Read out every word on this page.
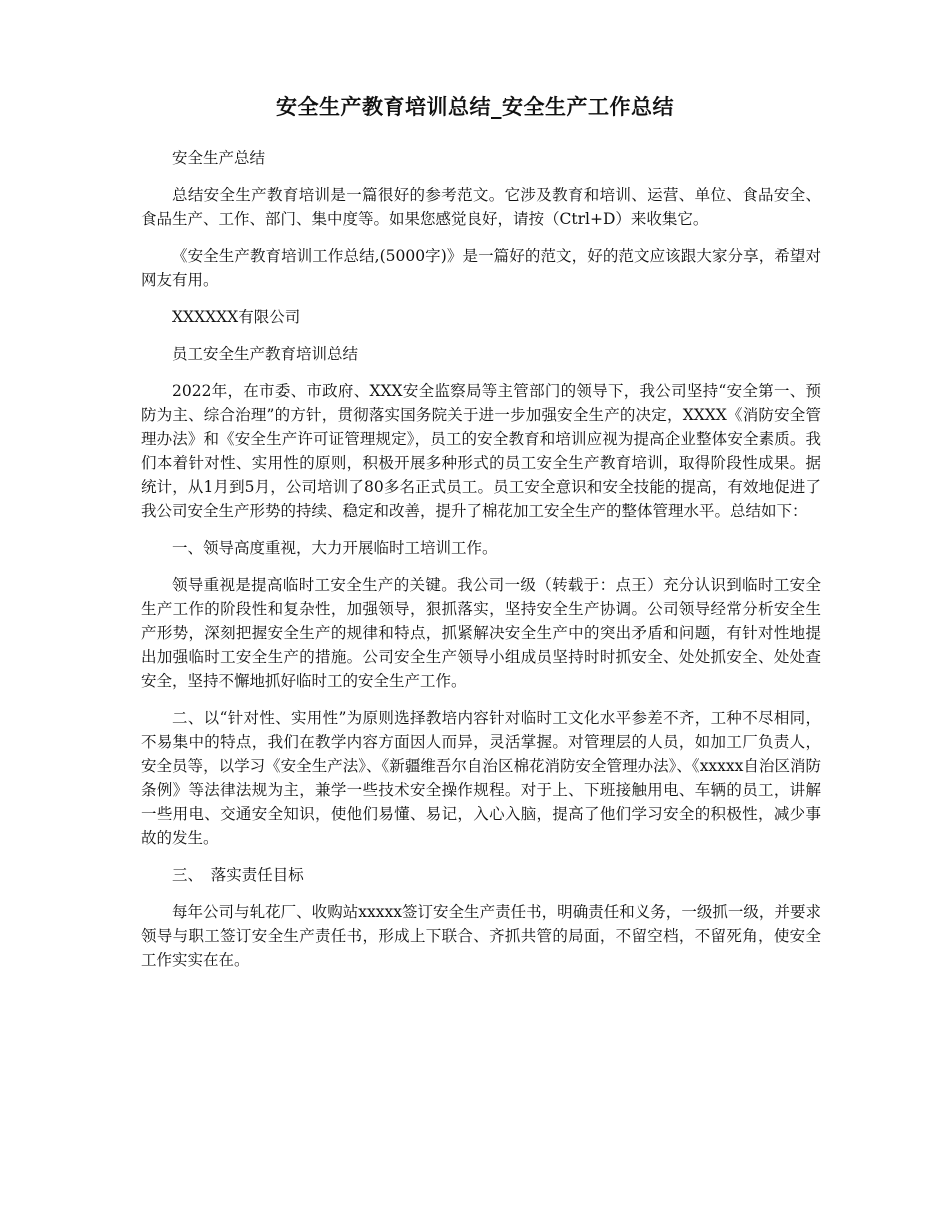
安全生产教育培训总结_安全生产工作总结

安全生产总结

总结安全生产教育培训是一篇很好的参考范文。它涉及教育和培训、运营、单位、食品安全、食品生产、工作、部门、集中度等。如果您感觉良好，请按（Ctrl+D）来收集它。

《安全生产教育培训工作总结,(5000字)》是一篇好的范文，好的范文应该跟大家分享，希望对网友有用。

XXXXXX有限公司

员工安全生产教育培训总结

2022年，在市委、市政府、XXX安全监察局等主管部门的领导下，我公司坚持“安全第一、预防为主、综合治理”的方针，贯彻落实国务院关于进一步加强安全生产的决定，XXXX《消防安全管理办法》和《安全生产许可证管理规定》，员工的安全教育和培训应视为提高企业整体安全素质。我们本着针对性、实用性的原则，积极开展多种形式的员工安全生产教育培训，取得阶段性成果。据统计，从1月到5月，公司培训了80多名正式员工。员工安全意识和安全技能的提高，有效地促进了我公司安全生产形势的持续、稳定和改善，提升了棉花加工安全生产的整体管理水平。总结如下：

一、领导高度重视，大力开展临时工培训工作。

领导重视是提高临时工安全生产的关键。我公司一级（转载于：点王）充分认识到临时工安全生产工作的阶段性和复杂性，加强领导，狠抓落实，坚持安全生产协调。公司领导经常分析安全生产形势，深刻把握安全生产的规律和特点，抓紧解决安全生产中的突出矛盾和问题，有针对性地提出加强临时工安全生产的措施。公司安全生产领导小组成员坚持时时抓安全、处处抓安全、处处查安全，坚持不懈地抓好临时工的安全生产工作。

二、以“针对性、实用性”为原则选择教培内容针对临时工文化水平参差不齐，工种不尽相同，不易集中的特点，我们在教学内容方面因人而异，灵活掌握。对管理层的人员，如加工厂负责人，安全员等，以学习《安全生产法》、《新疆维吾尔自治区棉花消防安全管理办法》、《xxxxx自治区消防条例》等法律法规为主，兼学一些技术安全操作规程。对于上、下班接触用电、车辆的员工，讲解一些用电、交通安全知识，使他们易懂、易记，入心入脑，提高了他们学习安全的积极性，减少事故的发生。

三、　落实责任目标

每年公司与轧花厂、收购站xxxxx签订安全生产责任书，明确责任和义务，一级抓一级，并要求领导与职工签订安全生产责任书，形成上下联合、齐抓共管的局面，不留空档，不留死角，使安全工作实实在在。
